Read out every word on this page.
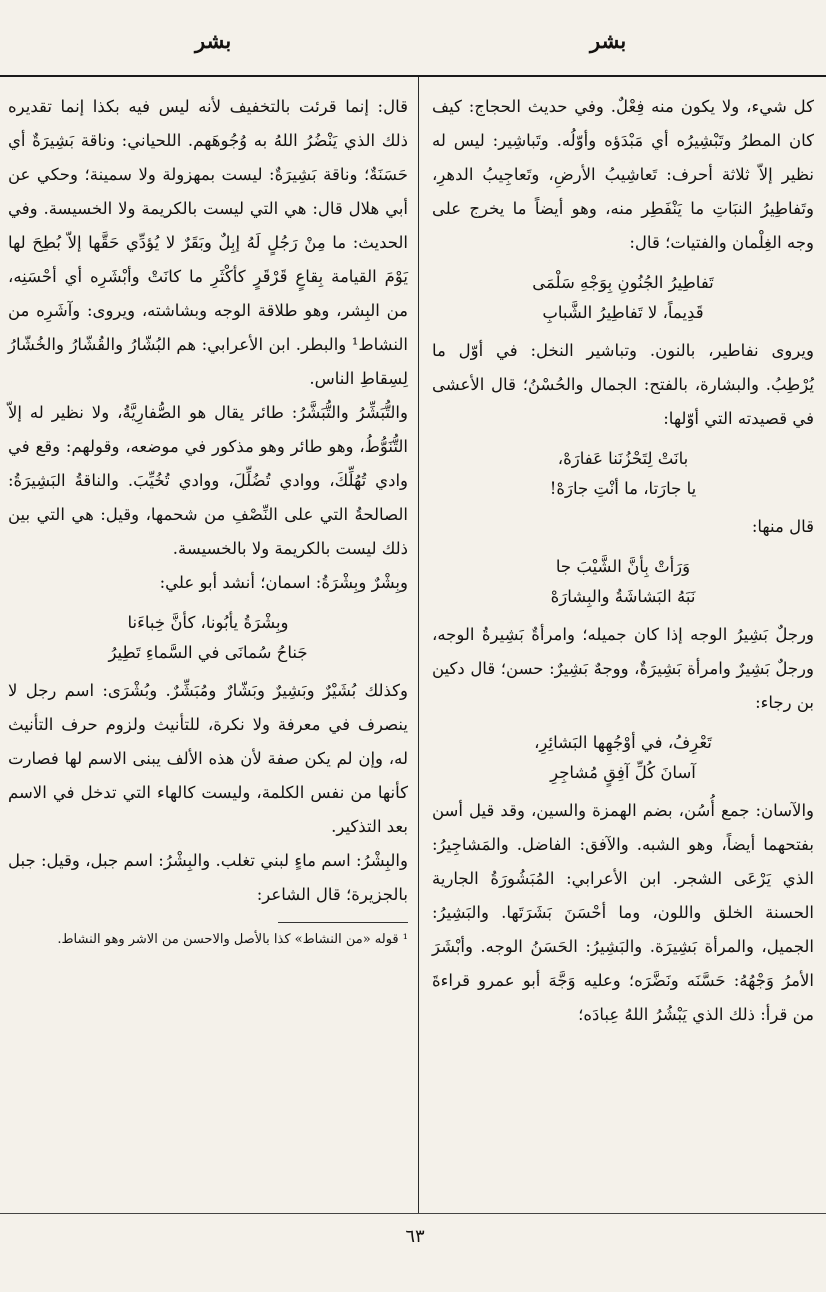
بشر
بشر

كل شيء، ولا يكون منه فِعْلٌ. وفي حديث الحجاج: كيف كان المطرُ وتَبْشِيرُه أي مَبْدَؤه وأوّلُه. وتَباشِير: ليس له نظير إلاّ ثلاثة أحرف: تَعاشِيبُ الأرضِ، وتَعاجِيبُ الدهرِ، وتَفاطِيرُ النبَاتِ ما يَنْفَطِر منه، وهو أيضاً ما يخرج على وجه الغِلْمان والفتيات؛ قال:

تَفاطِيرُ الجُنُونِ بِوَجْهِ سَلْمَى
قَدِيماً، لا تَفاطِيرُ الشَّبابِ

ويروى نفاطير، بالنون. وتباشير النخل: في أوّل ما يُرْطِبُ. والبشارة، بالفتح: الجمال والحُسْنُ؛ قال الأعشى في قصيدته التي أوّلها:

بانَتْ لِتَحْزُنَنا عَفارَهْ،
يا جارَتا، ما أنْتِ جارَهْ!

قال منها:

وَرَأتْ بِأنَّ الشَّيْبَ جا
نَبَهُ البَشاشَةُ والبِشارَهْ

ورجلٌ بَشِيرُ الوجه إذا كان جميله؛ وامرأةٌ بَشِيرةُ الوجه، ورجلٌ بَشِيرٌ وامرأة بَشِيرَةٌ، ووجهٌ بَشِيرٌ: حسن؛ قال دكين بن رجاء:

تَعْرِفُ، في أوْجُهِها البَشائِرِ،
آسانَ كُلِّ آفِقٍ مُشاجِرِ

والآسان: جمع أُسُن، بضم الهمزة والسين، وقد قيل أسن بفتحهما أيضاً، وهو الشبه. والآفق: الفاضل. والمَشاجِيرُ: الذي يَرْعَى الشجر. ابن الأعرابي: المُبَشُورَةُ الجارية الحسنة الخلق واللون، وما أحْسَنَ بَشَرَتَها. والبَشِيرُ: الجميل، والمرأة بَشِيرَة. والبَشِيرُ: الحَسَنُ الوجه. وأبْشَرَ الأمرُ وَجْهُهُ: حَسَّنَه ونَضَّرَه؛ وعليه وَجَّهَ أبو عمرو قراءةَ من قرأ: ذلك الذي يَبْشُرُ اللهُ عِبادَه؛

قال: إنما قرئت بالتخفيف لأنه ليس فيه بكذا إنما تقديره ذلك الذي يَنْضُرُ اللهُ به وُجُوهَهم. اللحياني: وناقة بَشِيرَةٌ أي حَسَنَةٌ؛ وناقة بَشِيرَةٌ: ليست بمهزولة ولا سمينة؛ وحكي عن أبي هلال قال: هي التي ليست بالكريمة ولا الخسيسة. وفي الحديث: ما مِنْ رَجُلٍ لَهُ إبِلٌ وبَقَرٌ لا يُؤدِّي حَقَّها إلاّ بُطِحَ لها يَوْمَ القيامة بِقاعٍ قَرْقَرٍ كأكْثَرِ ما كانَتْ وأبْشَرِه أي أحْسَنِه، من البِشر، وهو طلاقة الوجه وبشاشته، ويروى: وآشَرِه من النشاط¹ والبطر. ابن الأعرابي: هم البُشّارُ والقُشّارُ والخُشّارُ لِسِقاطِ الناس.

والتُّبَشِّرُ والتُّبَشَّرُ: طائر يقال هو الصُّفارِيَّةُ، ولا نظير له إلاّ التُّنَوُّطُ، وهو طائر وهو مذكور في موضعه، وقولهم: وقع في وادي تُهُلِّكَ، ووادي تُضُلِّلَ، ووادي تُخُيِّبَ. والناقةُ البَشِيرَةُ: الصالحةُ التي على النِّصْفِ من شحمها، وقيل: هي التي بين ذلك ليست بالكريمة ولا بالخسيسة.

وبِشْرٌ وبِشْرَةُ: اسمان؛ أنشد أبو علي:

وبِشْرَةُ يأبُونا، كأنَّ خِباءَنا
جَناحُ سُمانَى في السَّماءِ تَطِيرُ

وكذلك بُشَيْرٌ وبَشِيرٌ وبَشّارٌ ومُبَشِّرٌ. وبُشْرَى: اسم رجل لا ينصرف في معرفة ولا نكرة، للتأنيث ولزوم حرف التأنيث له، وإن لم يكن صفة لأن هذه الألف يبنى الاسم لها فصارت كأنها من نفس الكلمة، وليست كالهاء التي تدخل في الاسم بعد التذكير.

والبِشْرُ: اسم ماءٍ لبني تغلب. والبِشْرُ: اسم جبل، وقيل: جبل بالجزيرة؛ قال الشاعر:

¹ قوله «من النشاط» كذا بالأصل والاحسن من الاشر وهو النشاط.

٦٣
